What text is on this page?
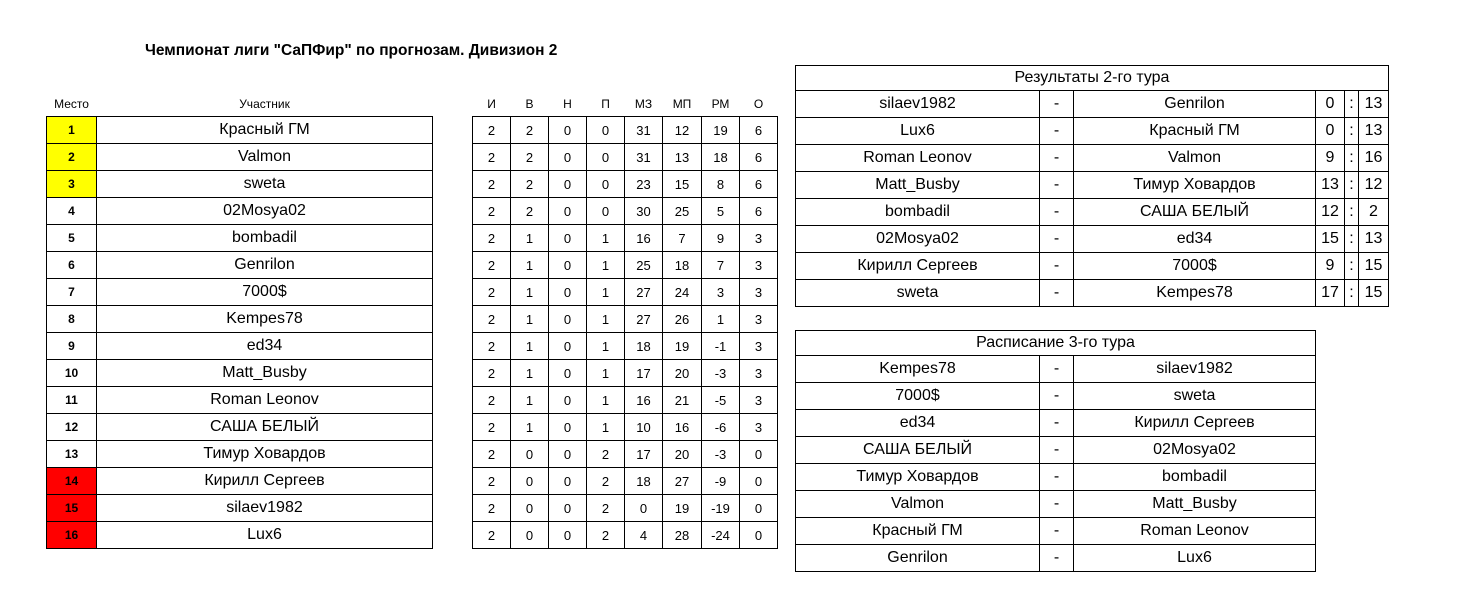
Чемпионат лиги "СаПФир" по прогнозам. Дивизион 2
Место	Участник		И	В	Н	П	МЗ	МП	РМ	О
1	Красный ГМ		2	2	0	0	31	12	19	6
2	Valmon		2	2	0	0	31	13	18	6
3	sweta		2	2	0	0	23	15	8	6
4	02Mosya02		2	2	0	0	30	25	5	6
5	bombadil		2	1	0	1	16	7	9	3
6	Genrilon		2	1	0	1	25	18	7	3
7	7000$		2	1	0	1	27	24	3	3
8	Kempes78		2	1	0	1	27	26	1	3
9	ed34		2	1	0	1	18	19	-1	3
10	Matt_Busby		2	1	0	1	17	20	-3	3
11	Roman Leonov		2	1	0	1	16	21	-5	3
12	САША БЕЛЫЙ		2	1	0	1	10	16	-6	3
13	Тимур Ховардов		2	0	0	2	17	20	-3	0
14	Кирилл Сергеев		2	0	0	2	18	27	-9	0
15	silaev1982		2	0	0	2	0	19	-19	0
16	Lux6		2	0	0	2	4	28	-24	0
Результаты 2-го тура					
silaev1982	-	Genrilon	0	:	13
Lux6	-	Красный ГМ	0	:	13
Roman Leonov	-	Valmon	9	:	16
Matt_Busby	-	Тимур Ховардов	13	:	12
bombadil	-	САША БЕЛЫЙ	12	:	2
02Mosya02	-	ed34	15	:	13
Кирилл Сергеев	-	7000$	9	:	15
sweta	-	Kempes78	17	:	15
Расписание 3-го тура		
Kempes78	-	silaev1982
7000$	-	sweta
ed34	-	Кирилл Сергеев
САША БЕЛЫЙ	-	02Mosya02
Тимур Ховардов	-	bombadil
Valmon	-	Matt_Busby
Красный ГМ	-	Roman Leonov
Genrilon	-	Lux6
